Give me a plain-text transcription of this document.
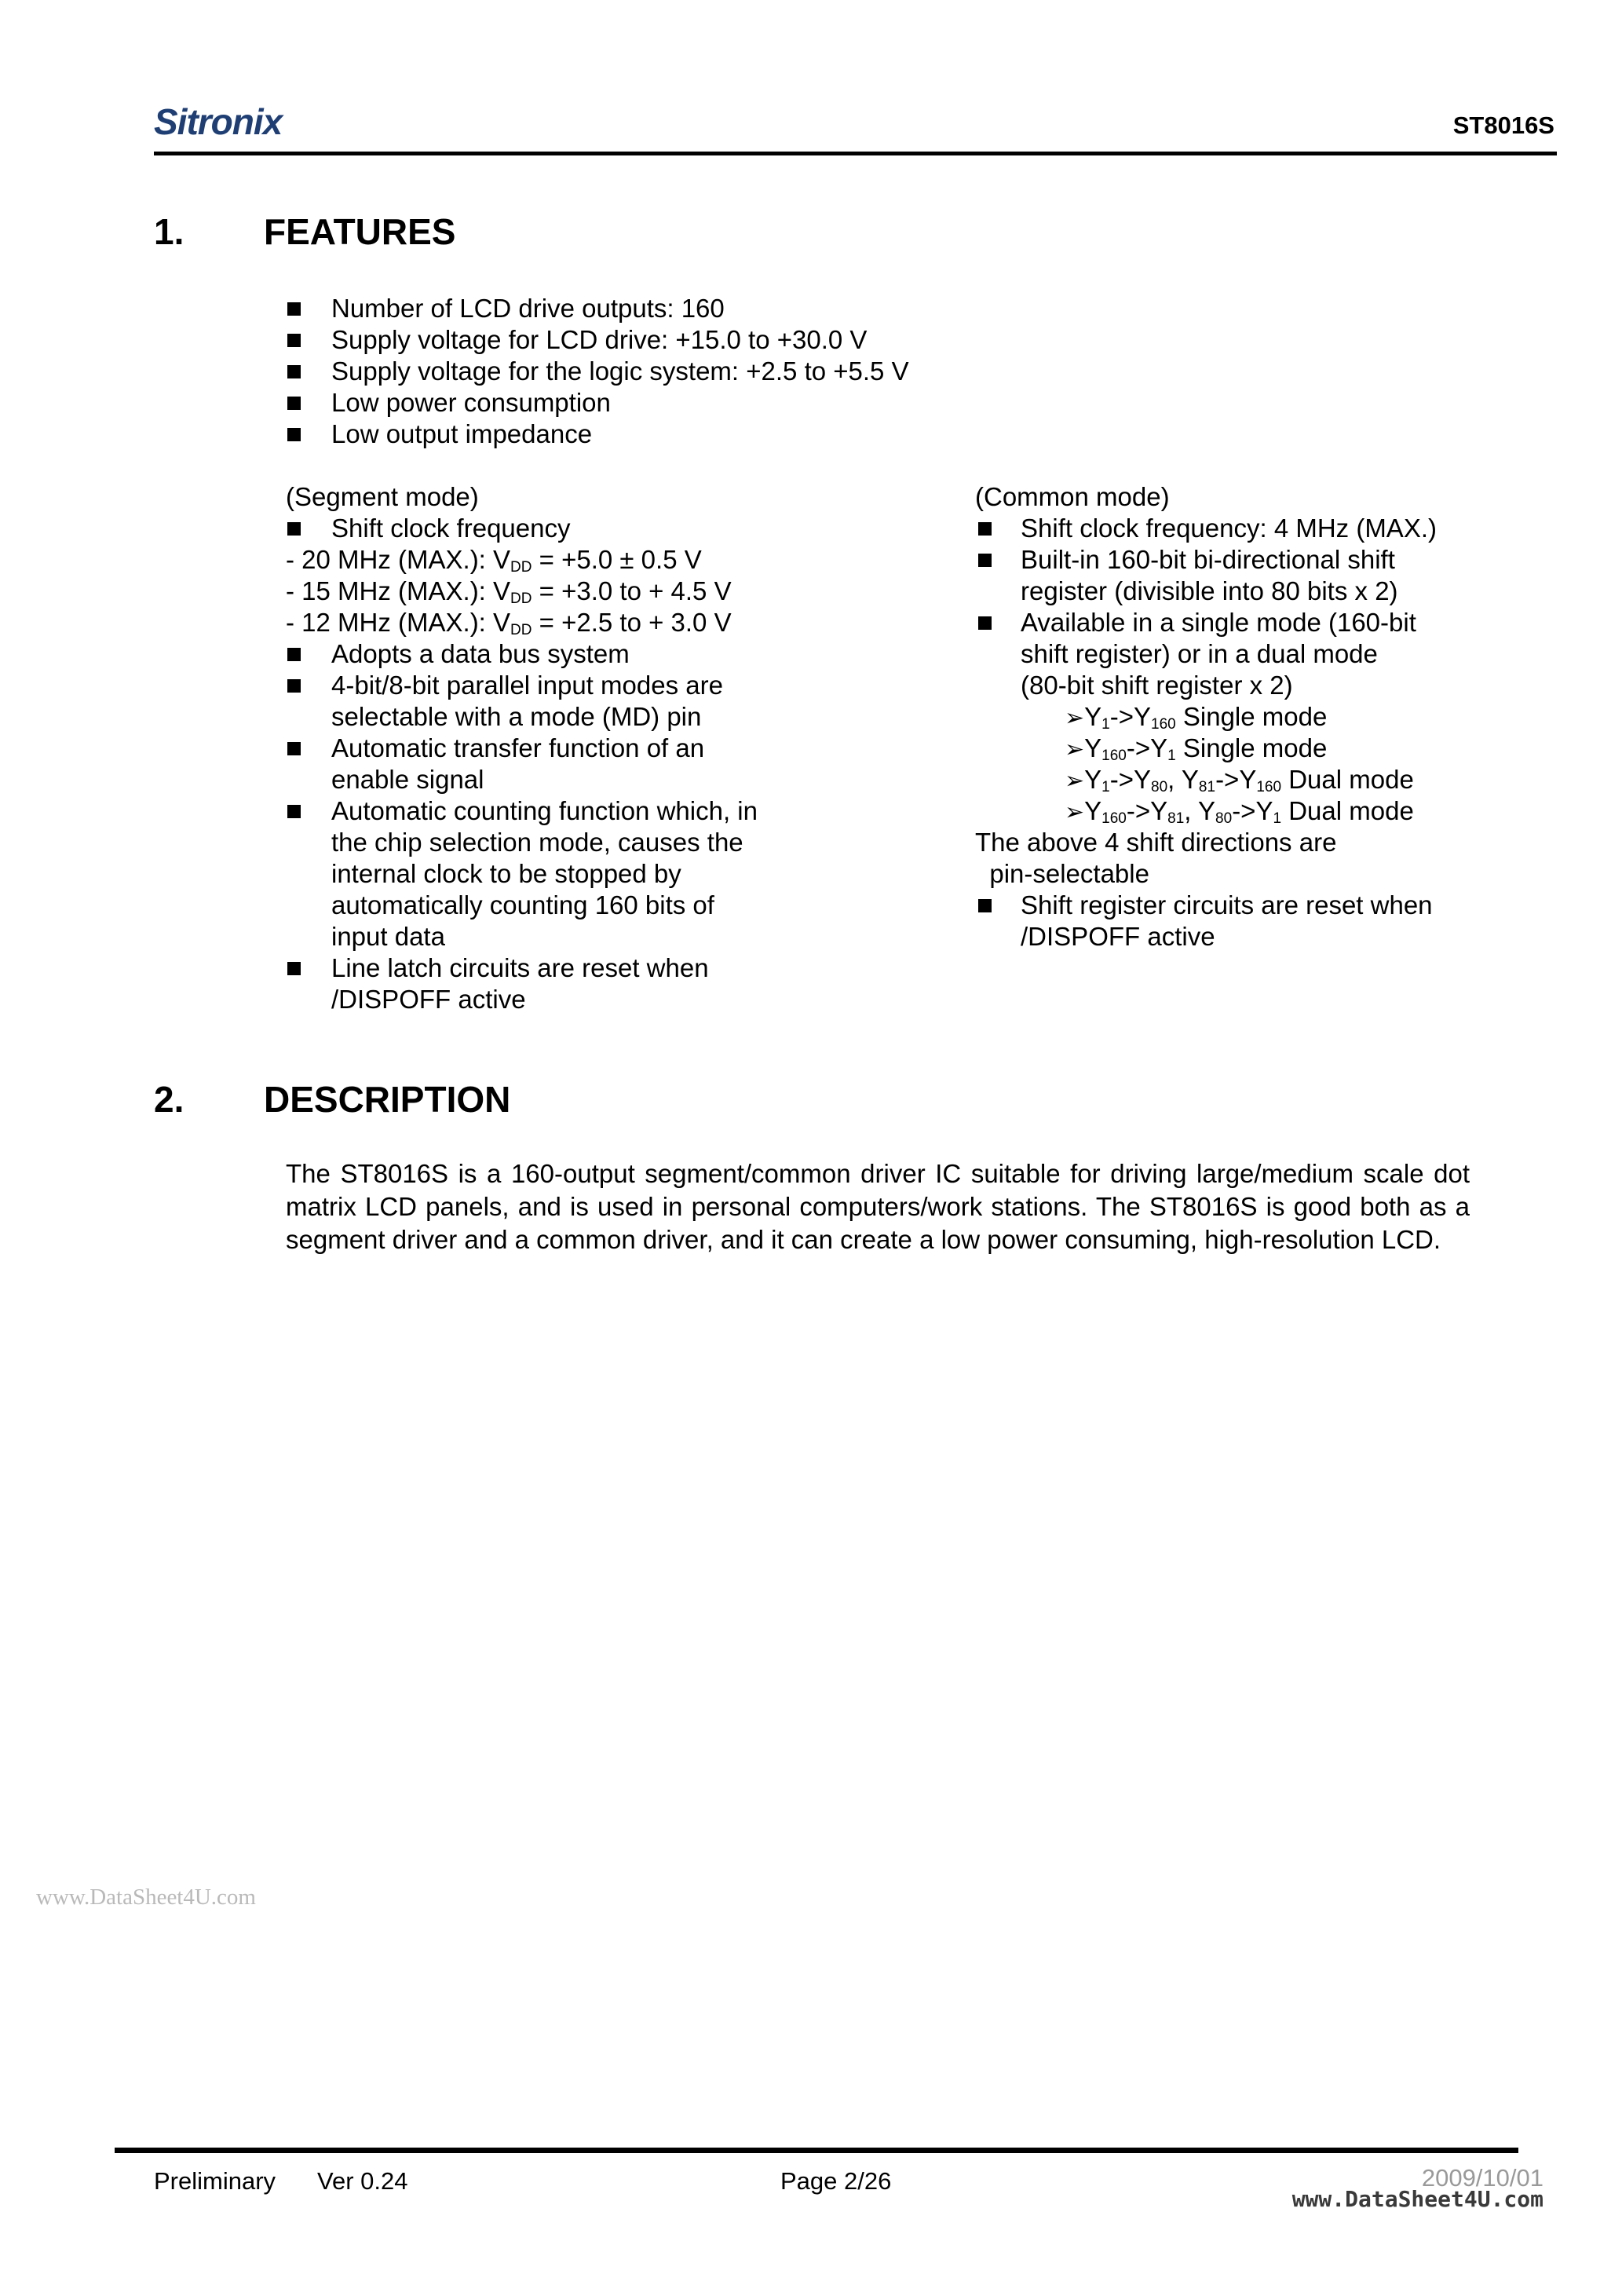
Sitronix	ST8016S
1. FEATURES
Number of LCD drive outputs: 160
Supply voltage for LCD drive: +15.0 to +30.0 V
Supply voltage for the logic system: +2.5 to +5.5 V
Low power consumption
Low output impedance
(Segment mode)
Shift clock frequency
- 20 MHz (MAX.): $V_{DD} = +5.0 \pm 0.5$ V
- 15 MHz (MAX.): $V_{DD} = +3.0$ to + 4.5 V
- 12 MHz (MAX.): $V_{DD} = +2.5$ to + 3.0 V
Adopts a data bus system
4-bit/8-bit parallel input modes are
selectable with a mode (MD) pin
Automatic transfer function of an
enable signal
Automatic counting function which, in
the chip selection mode, causes the
internal clock to be stopped by
automatically counting 160 bits of
input data
Line latch circuits are reset when
/DISPOFF active
(Common mode)
Shift clock frequency: 4 MHz (MAX.)
Built-in 160-bit bi-directional shift
register (divisible into 80 bits x 2)
Available in a single mode (160-bit
shift register) or in a dual mode
(80-bit shift register x 2)
$➢Y_1->Y_{160}$ Single mode
$➢Y_{160}->Y_1$ Single mode
$➢Y_1->Y_{80}$, $Y_{81}->Y_{160}$ Dual mode
$➢Y_{160}->Y_{81}$, $Y_{80}->Y_1$ Dual mode
The above 4 shift directions are
pin-selectable
Shift register circuits are reset when
/DISPOFF active
2. DESCRIPTION
The ST8016S is a 160-output segment/common driver IC suitable for driving large/medium scale dot matrix LCD panels, and is used in personal computers/work stations. The ST8016S is good both as a segment driver and a common driver, and it can create a low power consuming, high-resolution LCD.
www.DataSheet4U.com
Preliminary Ver 0.24	Page 2/26	2009/10/01
www.DataSheet4U.com
